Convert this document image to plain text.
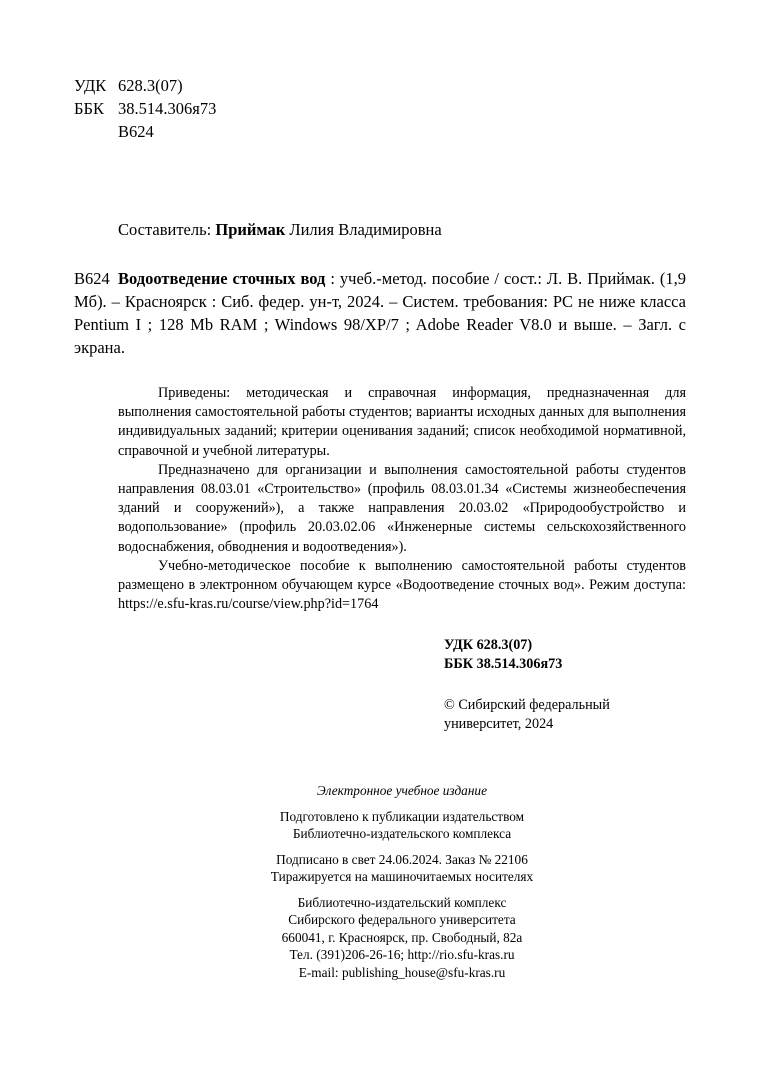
УДК 628.3(07)
ББК 38.514.306я73
В624
Составитель: Приймак Лилия Владимировна
В624 Водоотведение сточных вод : учеб.-метод. пособие / сост.: Л. В. Приймак. (1,9 Мб). – Красноярск : Сиб. федер. ун-т, 2024. – Систем. требования: PC не ниже класса Pentium I ; 128 Mb RAM ; Windows 98/XP/7 ; Adobe Reader V8.0 и выше. – Загл. с экрана.

Приведены: методическая и справочная информация, предназначенная для выполнения самостоятельной работы студентов; варианты исходных данных для выполнения индивидуальных заданий; критерии оценивания заданий; список необходимой нормативной, справочной и учебной литературы.

Предназначено для организации и выполнения самостоятельной работы студентов направления 08.03.01 «Строительство» (профиль 08.03.01.34 «Системы жизнеобеспечения зданий и сооружений»), а также направления 20.03.02 «Природообустройство и водопользование» (профиль 20.03.02.06 «Инженерные системы сельскохозяйственного водоснабжения, обводнения и водоотведения»).

Учебно-методическое пособие к выполнению самостоятельной работы студентов размещено в электронном обучающем курсе «Водоотведение сточных вод». Режим доступа: https://e.sfu-kras.ru/course/view.php?id=1764

УДК 628.3(07)
ББК 38.514.306я73
© Сибирский федеральный
университет, 2024
Электронное учебное издание
Подготовлено к публикации издательством
Библиотечно-издательского комплекса
Подписано в свет 24.06.2024. Заказ № 22106
Тиражируется на машиночитаемых носителях
Библиотечно-издательский комплекс
Сибирского федерального университета
660041, г. Красноярск, пр. Свободный, 82а
Тел. (391)206-26-16; http://rio.sfu-kras.ru
E-mail: publishing_house@sfu-kras.ru
